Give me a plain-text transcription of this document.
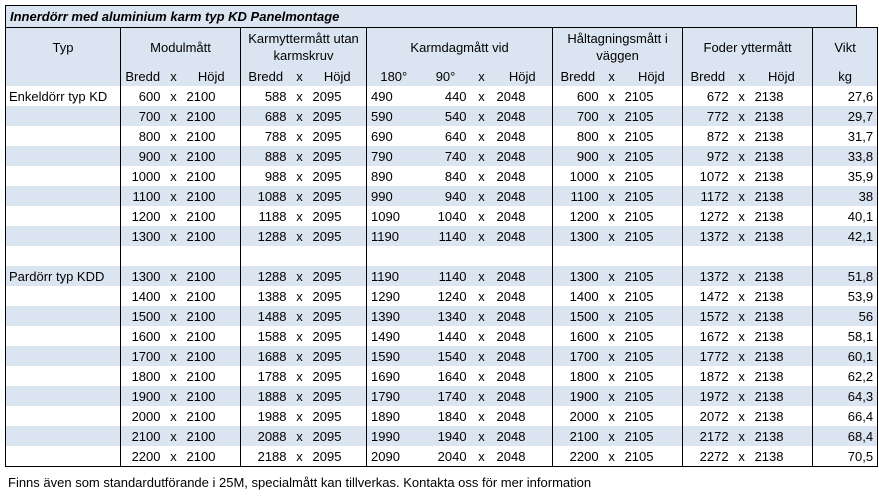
Innerdörr med aluminium karm typ KD Panelmontage
Typ	Modulmått			Karmyttermått utan karmskruv			Karmdagmått vid				Håltagningsmått i väggen			Foder yttermått			Vikt
	Bredd	x	Höjd	Bredd	x	Höjd	180°	90°	x	Höjd	Bredd	x	Höjd	Bredd	x	Höjd	kg
Enkeldörr typ KD	600	x	2100	588	x	2095	490	440	x	2048	600	x	2105	672	x	2138	27,6
	700	x	2100	688	x	2095	590	540	x	2048	700	x	2105	772	x	2138	29,7
	800	x	2100	788	x	2095	690	640	x	2048	800	x	2105	872	x	2138	31,7
	900	x	2100	888	x	2095	790	740	x	2048	900	x	2105	972	x	2138	33,8
	1000	x	2100	988	x	2095	890	840	x	2048	1000	x	2105	1072	x	2138	35,9
	1100	x	2100	1088	x	2095	990	940	x	2048	1100	x	2105	1172	x	2138	38
	1200	x	2100	1188	x	2095	1090	1040	x	2048	1200	x	2105	1272	x	2138	40,1
	1300	x	2100	1288	x	2095	1190	1140	x	2048	1300	x	2105	1372	x	2138	42,1

Pardörr typ KDD	1300	x	2100	1288	x	2095	1190	1140	x	2048	1300	x	2105	1372	x	2138	51,8
	1400	x	2100	1388	x	2095	1290	1240	x	2048	1400	x	2105	1472	x	2138	53,9
	1500	x	2100	1488	x	2095	1390	1340	x	2048	1500	x	2105	1572	x	2138	56
	1600	x	2100	1588	x	2095	1490	1440	x	2048	1600	x	2105	1672	x	2138	58,1
	1700	x	2100	1688	x	2095	1590	1540	x	2048	1700	x	2105	1772	x	2138	60,1
	1800	x	2100	1788	x	2095	1690	1640	x	2048	1800	x	2105	1872	x	2138	62,2
	1900	x	2100	1888	x	2095	1790	1740	x	2048	1900	x	2105	1972	x	2138	64,3
	2000	x	2100	1988	x	2095	1890	1840	x	2048	2000	x	2105	2072	x	2138	66,4
	2100	x	2100	2088	x	2095	1990	1940	x	2048	2100	x	2105	2172	x	2138	68,4
	2200	x	2100	2188	x	2095	2090	2040	x	2048	2200	x	2105	2272	x	2138	70,5
Finns även som standardutförande i 25M, specialmått kan tillverkas. Kontakta oss för mer information
